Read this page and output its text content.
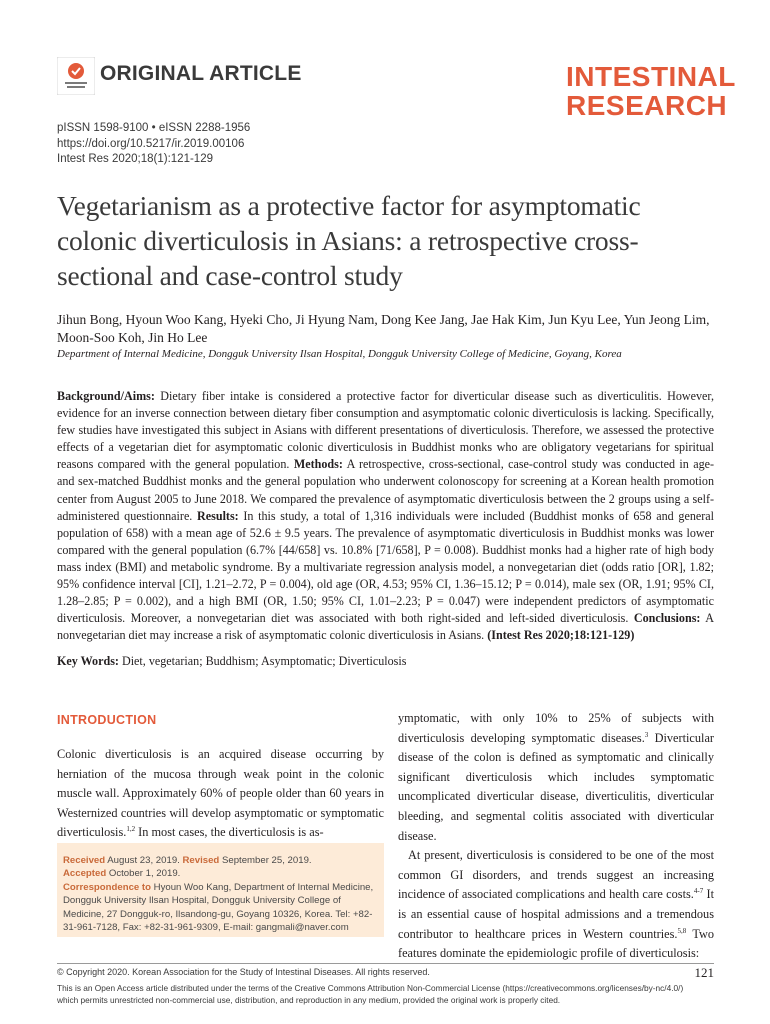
ORIGINAL ARTICLE	INTESTINAL
RESEARCH
pISSN 1598-9100 • eISSN 2288-1956
https://doi.org/10.5217/ir.2019.00106
Intest Res 2020;18(1):121-129
Vegetarianism as a protective factor for asymptomatic colonic diverticulosis in Asians: a retrospective cross-sectional and case-control study
Jihun Bong, Hyoun Woo Kang, Hyeki Cho, Ji Hyung Nam, Dong Kee Jang, Jae Hak Kim, Jun Kyu Lee, Yun Jeong Lim,
Moon-Soo Koh, Jin Ho Lee
Department of Internal Medicine, Dongguk University Ilsan Hospital, Dongguk University College of Medicine, Goyang, Korea
Background/Aims: Dietary fiber intake is considered a protective factor for diverticular disease such as diverticulitis. However, evidence for an inverse connection between dietary fiber consumption and asymptomatic colonic diverticulosis is lacking. Specifically, few studies have investigated this subject in Asians with different presentations of diverticulosis. Therefore, we assessed the protective effects of a vegetarian diet for asymptomatic colonic diverticulosis in Buddhist monks who are obligatory vegetarians for spiritual reasons compared with the general population. Methods: A retrospective, cross-sectional, case-control study was conducted in age- and sex-matched Buddhist monks and the general population who underwent colonoscopy for screening at a Korean health promotion center from August 2005 to June 2018. We compared the prevalence of asymptomatic diverticulosis between the 2 groups using a self-administered questionnaire. Results: In this study, a total of 1,316 individuals were included (Buddhist monks of 658 and general population of 658) with a mean age of 52.6 ± 9.5 years. The prevalence of asymptomatic diverticulosis in Buddhist monks was lower compared with the general population (6.7% [44/658] vs. 10.8% [71/658], P = 0.008). Buddhist monks had a higher rate of high body mass index (BMI) and metabolic syndrome. By a multivariate regression analysis model, a nonvegetarian diet (odds ratio [OR], 1.82; 95% confidence interval [CI], 1.21–2.72, P = 0.004), old age (OR, 4.53; 95% CI, 1.36–15.12; P = 0.014), male sex (OR, 1.91; 95% CI, 1.28–2.85; P = 0.002), and a high BMI (OR, 1.50; 95% CI, 1.01–2.23; P = 0.047) were independent predictors of asymptomatic diverticulosis. Moreover, a nonvegetarian diet was associated with both right-sided and left-sided diverticulosis. Conclusions: A nonvegetarian diet may increase a risk of asymptomatic colonic diverticulosis in Asians. (Intest Res 2020;18:121-129)
Key Words: Diet, vegetarian; Buddhism; Asymptomatic; Diverticulosis
INTRODUCTION

Colonic diverticulosis is an acquired disease occurring by herniation of the mucosa through weak point in the colonic muscle wall. Approximately 60% of people older than 60 years in Westernized countries will develop asymptomatic or symptomatic diverticulosis.$^{1,2}$ In most cases, the diverticulosis is as-

Received August 23, 2019. Revised September 25, 2019.
Accepted October 1, 2019.
Correspondence to Hyoun Woo Kang, Department of Internal Medicine, Dongguk University Ilsan Hospital, Dongguk University College of Medicine, 27 Dongguk-ro, Ilsandong-gu, Goyang 10326, Korea. Tel: +82-31-961-7128, Fax: +82-31-961-9309, E-mail: gangmali@naver.com

ymptomatic, with only 10% to 25% of subjects with diverticulosis developing symptomatic diseases.$^3$ Diverticular disease of the colon is defined as symptomatic and clinically significant diverticulosis which includes symptomatic uncomplicated diverticular disease, diverticulitis, diverticular bleeding, and segmental colitis associated with diverticular disease.

At present, diverticulosis is considered to be one of the most common GI disorders, and trends suggest an increasing incidence of associated complications and health care costs.$^{4-7}$ It is an essential cause of hospital admissions and a tremendous contributor to healthcare prices in Western countries.$^{5,8}$ Two features dominate the epidemiologic profile of diverticulosis:

© Copyright 2020. Korean Association for the Study of Intestinal Diseases. All rights reserved.
This is an Open Access article distributed under the terms of the Creative Commons Attribution Non-Commercial License (https://creativecommons.org/licenses/by-nc/4.0/) which permits unrestricted non-commercial use, distribution, and reproduction in any medium, provided the original work is properly cited.
121
